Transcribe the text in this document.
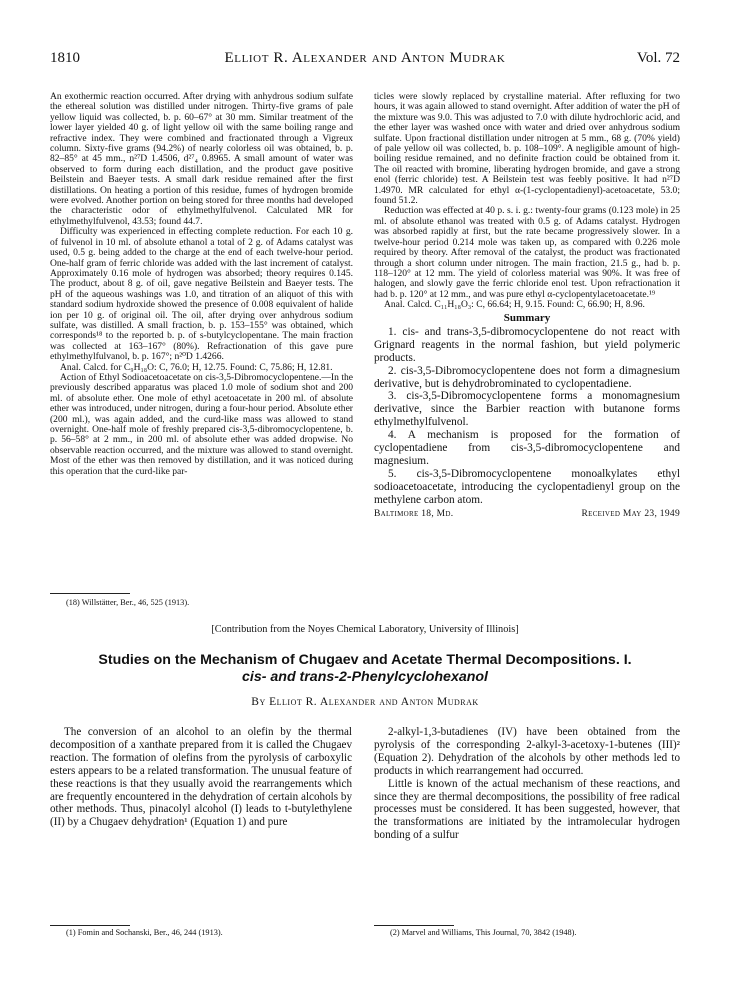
1810	Elliot R. Alexander and Anton Mudrak	Vol. 72

An exothermic reaction occurred. After drying with anhydrous sodium sulfate the ethereal solution was distilled under nitrogen. Thirty-five grams of pale yellow liquid was collected, b. p. 60–67° at 30 mm. Similar treatment of the lower layer yielded 40 g. of light yellow oil with the same boiling range and refractive index. They were combined and fractionated through a Vigreux column. Sixty-five grams (94.2%) of nearly colorless oil was obtained, b. p. 82–85° at 45 mm., n²⁷D 1.4506, d²⁷₄ 0.8965. A small amount of water was observed to form during each distillation, and the product gave positive Beilstein and Baeyer tests. A small dark residue remained after the first distillations. On heating a portion of this residue, fumes of hydrogen bromide were evolved. Another portion on being stored for three months had developed the characteristic odor of ethylmethylfulvenol. Calculated MR for ethylmethylfulvenol, 43.53; found 44.7.

Difficulty was experienced in effecting complete reduction. For each 10 g. of fulvenol in 10 ml. of absolute ethanol a total of 2 g. of Adams catalyst was used, 0.5 g. being added to the charge at the end of each twelve-hour period. One-half gram of ferric chloride was added with the last increment of catalyst. Approximately 0.16 mole of hydrogen was absorbed; theory requires 0.145. The product, about 8 g. of oil, gave negative Beilstein and Baeyer tests. The pH of the aqueous washings was 1.0, and titration of an aliquot of this with standard sodium hydroxide showed the presence of 0.008 equivalent of halide ion per 10 g. of original oil. The oil, after drying over anhydrous sodium sulfate, was distilled. A small fraction, b. p. 153–155° was obtained, which corresponds¹⁸ to the reported b. p. of s-butylcyclopentane. The main fraction was collected at 163–167° (80%). Refractionation of this gave pure ethylmethylfulvanol, b. p. 167°; n²⁰D 1.4266.

Anal. Calcd. for C₉H₁₈O: C, 76.0; H, 12.75. Found: C, 75.86; H, 12.81.

Action of Ethyl Sodioacetoacetate on cis-3,5-Dibromocyclopentene.—In the previously described apparatus was placed 1.0 mole of sodium shot and 200 ml. of absolute ether. One mole of ethyl acetoacetate in 200 ml. of absolute ether was introduced, under nitrogen, during a four-hour period. Absolute ether (200 ml.), was again added, and the curd-like mass was allowed to stand overnight. One-half mole of freshly prepared cis-3,5-dibromocyclopentene, b. p. 56–58° at 2 mm., in 200 ml. of absolute ether was added dropwise. No observable reaction occurred, and the mixture was allowed to stand overnight. Most of the ether was then removed by distillation, and it was noticed during this operation that the curd-like par-

(18) Willstätter, Ber., 46, 525 (1913).

ticles were slowly replaced by crystalline material. After refluxing for two hours, it was again allowed to stand overnight. After addition of water the pH of the mixture was 9.0. This was adjusted to 7.0 with dilute hydrochloric acid, and the ether layer was washed once with water and dried over anhydrous sodium sulfate. Upon fractional distillation under nitrogen at 5 mm., 68 g. (70% yield) of pale yellow oil was collected, b. p. 108–109°. A negligible amount of high-boiling residue remained, and no definite fraction could be obtained from it. The oil reacted with bromine, liberating hydrogen bromide, and gave a strong enol (ferric chloride) test. A Beilstein test was feebly positive. It had n²⁷D 1.4970. MR calculated for ethyl α-(1-cyclopentadienyl)-acetoacetate, 53.0; found 51.2.

Reduction was effected at 40 p. s. i. g.: twenty-four grams (0.123 mole) in 25 ml. of absolute ethanol was treated with 0.5 g. of Adams catalyst. Hydrogen was absorbed rapidly at first, but the rate became progressively slower. In a twelve-hour period 0.214 mole was taken up, as compared with 0.226 mole required by theory. After removal of the catalyst, the product was fractionated through a short column under nitrogen. The main fraction, 21.5 g., had b. p. 118–120° at 12 mm. The yield of colorless material was 90%. It was free of halogen, and slowly gave the ferric chloride enol test. Upon refractionation it had b. p. 120° at 12 mm., and was pure ethyl α-cyclopentylacetoacetate.¹⁹

Anal. Calcd. C₁₁H₁₈O₃: C, 66.64; H, 9.15. Found: C, 66.90; H, 8.96.

Summary

1. cis- and trans-3,5-dibromocyclopentene do not react with Grignard reagents in the normal fashion, but yield polymeric products.

2. cis-3,5-Dibromocyclopentene does not form a dimagnesium derivative, but is dehydrobrominated to cyclopentadiene.

3. cis-3,5-Dibromocyclopentene forms a monomagnesium derivative, since the Barbier reaction with butanone forms ethylmethylfulvenol.

4. A mechanism is proposed for the formation of cyclopentadiene from cis-3,5-dibromocyclopentene and magnesium.

5. cis-3,5-Dibromocyclopentene monoalkylates ethyl sodioacetoacetate, introducing the cyclopentadienyl group on the methylene carbon atom.

Baltimore 18, Md.	Received May 23, 1949
[Contribution from the Noyes Chemical Laboratory, University of Illinois]
Studies on the Mechanism of Chugaev and Acetate Thermal Decompositions. I.
cis- and trans-2-Phenylcyclohexanol
By Elliot R. Alexander and Anton Mudrak

The conversion of an alcohol to an olefin by the thermal decomposition of a xanthate prepared from it is called the Chugaev reaction. The formation of olefins from the pyrolysis of carboxylic esters appears to be a related transformation. The unusual feature of these reactions is that they usually avoid the rearrangements which are frequently encountered in the dehydration of certain alcohols by other methods. Thus, pinacolyl alcohol (I) leads to t-butylethylene (II) by a Chugaev dehydration¹ (Equation 1) and pure

(1) Fomin and Sochanski, Ber., 46, 244 (1913).

2-alkyl-1,3-butadienes (IV) have been obtained from the pyrolysis of the corresponding 2-alkyl-3-acetoxy-1-butenes (III)² (Equation 2). Dehydration of the alcohols by other methods led to products in which rearrangement had occurred.

Little is known of the actual mechanism of these reactions, and since they are thermal decompositions, the possibility of free radical processes must be considered. It has been suggested, however, that the transformations are initiated by the intramolecular hydrogen bonding of a sulfur

(2) Marvel and Williams, This Journal, 70, 3842 (1948).
